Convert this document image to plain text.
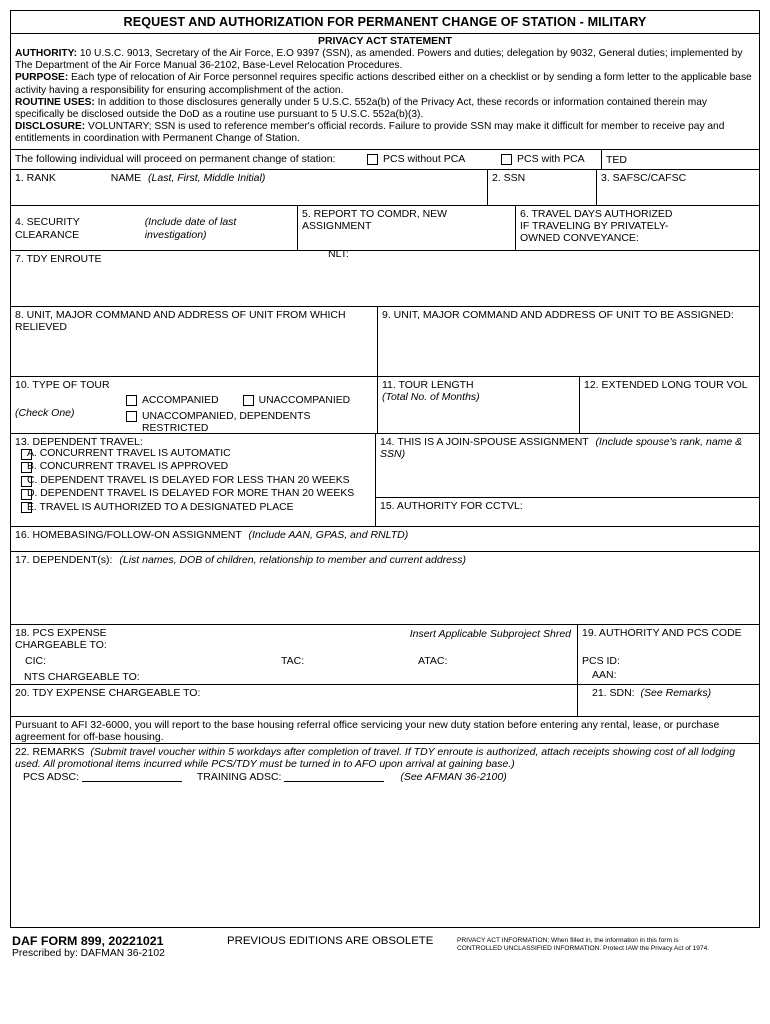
REQUEST AND AUTHORIZATION FOR PERMANENT CHANGE OF STATION - MILITARY
PRIVACY ACT STATEMENT
AUTHORITY: 10 U.S.C. 9013, Secretary of the Air Force, E.O 9397 (SSN), as amended. Powers and duties; delegation by 9032, General duties; implemented by The Department of the Air Force Manual 36-2102, Base-Level Relocation Procedures.
PURPOSE: Each type of relocation of Air Force personnel requires specific actions described either on a checklist or by sending a form letter to the applicable base activity having a responsibility for ensuring accomplishment of the action.
ROUTINE USES: In addition to those disclosures generally under 5 U.S.C. 552a(b) of the Privacy Act, these records or information contained therein may specifically be disclosed outside the DoD as a routine use pursuant to 5 U.S.C. 552a(b)(3).
DISCLOSURE: VOLUNTARY; SSN is used to reference member's official records. Failure to provide SSN may make it difficult for member to receive pay and entitlements in coordination with Permanent Change of Station.
The following individual will proceed on permanent change of station:	PCS without PCA	PCS with PCA	TED
1. RANK	NAME (Last, First, Middle Initial)	2. SSN	3. SAFSC/CAFSC
4. SECURITY CLEARANCE
(Include date of last investigation)
5. REPORT TO COMDR, NEW ASSIGNMENT
NLT:
6. TRAVEL DAYS AUTHORIZED
IF TRAVELING BY PRIVATELY-
OWNED CONVEYANCE:
7. TDY ENROUTE
8. UNIT, MAJOR COMMAND AND ADDRESS OF UNIT FROM WHICH RELIEVED
9. UNIT, MAJOR COMMAND AND ADDRESS OF UNIT TO BE ASSIGNED:
10. TYPE OF TOUR
(Check One)
ACCOMPANIED	UNACCOMPANIED
UNACCOMPANIED, DEPENDENTS
RESTRICTED
11. TOUR LENGTH
(Total No. of Months)
12. EXTENDED LONG TOUR VOL
13. DEPENDENT TRAVEL:
A. CONCURRENT TRAVEL IS AUTOMATIC
B. CONCURRENT TRAVEL IS APPROVED
C. DEPENDENT TRAVEL IS DELAYED FOR LESS THAN 20 WEEKS
D. DEPENDENT TRAVEL IS DELAYED FOR MORE THAN 20 WEEKS
E. TRAVEL IS AUTHORIZED TO A DESIGNATED PLACE
14. THIS IS A JOIN-SPOUSE ASSIGNMENT (Include spouse's rank, name & SSN)
15. AUTHORITY FOR CCTVL:
16. HOMEBASING/FOLLOW-ON ASSIGNMENT (Include AAN, GPAS, and RNLTD)
17. DEPENDENT(s): (List names, DOB of children, relationship to member and current address)
18. PCS EXPENSE
CHARGEABLE TO:
Insert Applicable Subproject Shred
CIC:	TAC:	ATAC:
NTS CHARGEABLE TO:
19. AUTHORITY AND PCS CODE
PCS ID:
AAN:
20. TDY EXPENSE CHARGEABLE TO:	21. SDN: (See Remarks)
Pursuant to AFI 32-6000, you will report to the base housing referral office servicing your new duty station before entering any rental, lease, or purchase agreement for off-base housing.
22. REMARKS (Submit travel voucher within 5 workdays after completion of travel. If TDY enroute is authorized, attach receipts showing cost of all lodging used. All promotional items incurred while PCS/TDY must be turned in to AFO upon arrival at gaining base.)
PCS ADSC:	TRAINING ADSC:	(See AFMAN 36-2100)
DAF FORM 899, 20221021
Prescribed by: DAFMAN 36-2102
PREVIOUS EDITIONS ARE OBSOLETE	PRIVACY ACT INFORMATION: When filled in, the information in this form is
CONTROLLED UNCLASSIFIED INFORMATION. Protect IAW the Privacy Act of 1974.
